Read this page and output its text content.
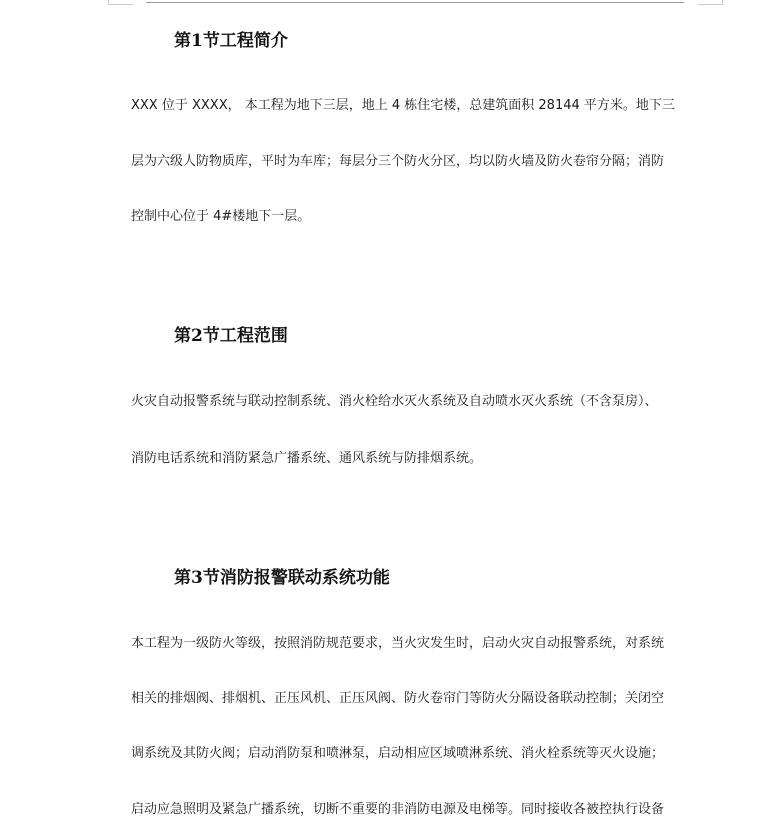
第1节工程简介

XXX 位于 XXXX， 本工程为地下三层，地上 4 栋住宅楼，总建筑面积 28144 平方米。地下三

层为六级人防物质库，平时为车库；每层分三个防火分区，均以防火墙及防火卷帘分隔；消防

控制中心位于 4#楼地下一层。

第2节工程范围

火灾自动报警系统与联动控制系统、消火栓给水灭火系统及自动喷水灭火系统（不含泵房）、

消防电话系统和消防紧急广播系统、通风系统与防排烟系统。

第3节消防报警联动系统功能

本工程为一级防火等级，按照消防规范要求，当火灾发生时，启动火灾自动报警系统，对系统

相关的排烟阀、排烟机、正压风机、正压风阀、防火卷帘门等防火分隔设备联动控制；关闭空

调系统及其防火阀；启动消防泵和喷淋泵，启动相应区域喷淋系统、消火栓系统等灭火设施；

启动应急照明及紧急广播系统，切断不重要的非消防电源及电梯等。同时接收各被控执行设备
